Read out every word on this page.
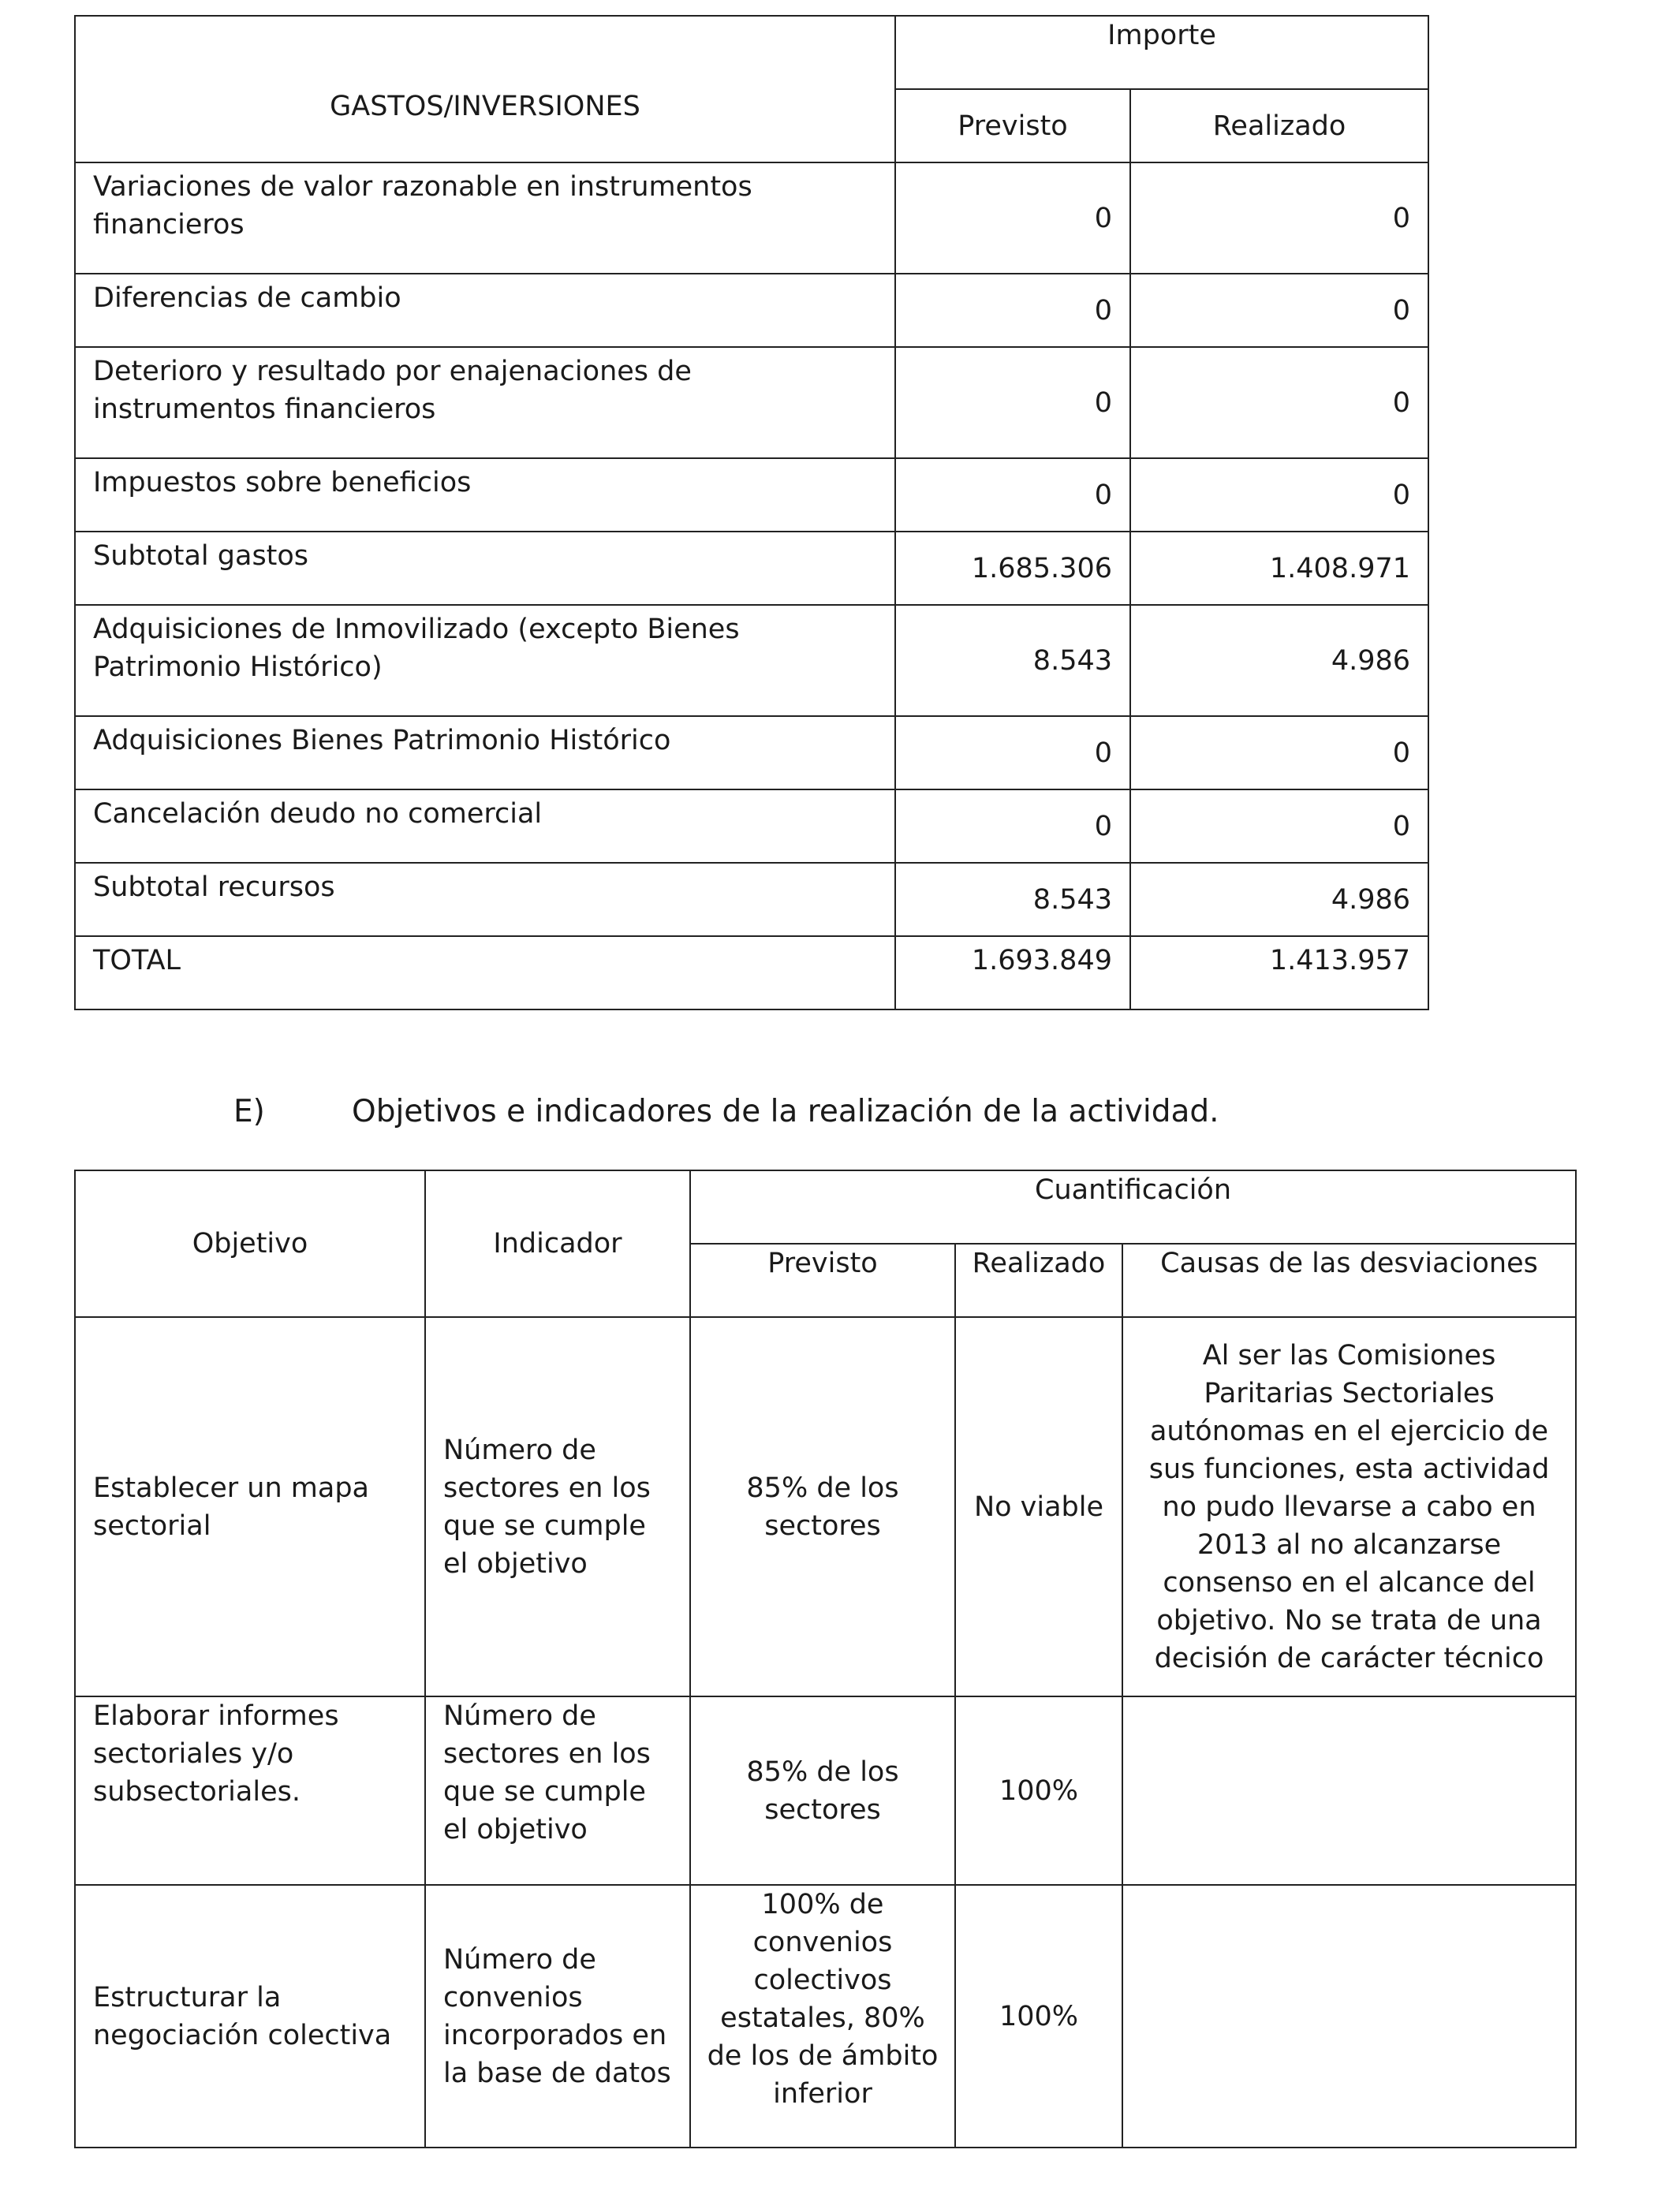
GASTOS/INVERSIONES	Importe	
	Previsto	Realizado
Variaciones de valor razonable en instrumentos financieros	0	0
Diferencias de cambio	0	0
Deterioro y resultado por enajenaciones de instrumentos financieros	0	0
Impuestos sobre beneficios	0	0
Subtotal gastos	1.685.306	1.408.971
Adquisiciones de Inmovilizado (excepto Bienes Patrimonio Histórico)	8.543	4.986
Adquisiciones Bienes Patrimonio Histórico	0	0
Cancelación deudo no comercial	0	0
Subtotal recursos	8.543	4.986
TOTAL	1.693.849	1.413.957
E)	Objetivos e indicadores de la realización de la actividad.
Objetivo	Indicador	Cuantificación		
		Previsto	Realizado	Causas de las desviaciones
Establecer un mapa sectorial	Número de sectores en los que se cumple el objetivo	85% de los sectores	No viable	Al ser las Comisiones Paritarias Sectoriales autónomas en el ejercicio de sus funciones, esta actividad no pudo llevarse a cabo en 2013 al no alcanzarse consenso en el alcance del objetivo. No se trata de una decisión de carácter técnico
Elaborar informes sectoriales y/o subsectoriales.	Número de sectores en los que se cumple el objetivo	85% de los sectores	100%	
Estructurar la negociación colectiva	Número de convenios incorporados en la base de datos	100% de convenios colectivos estatales, 80% de los de ámbito inferior	100%	
